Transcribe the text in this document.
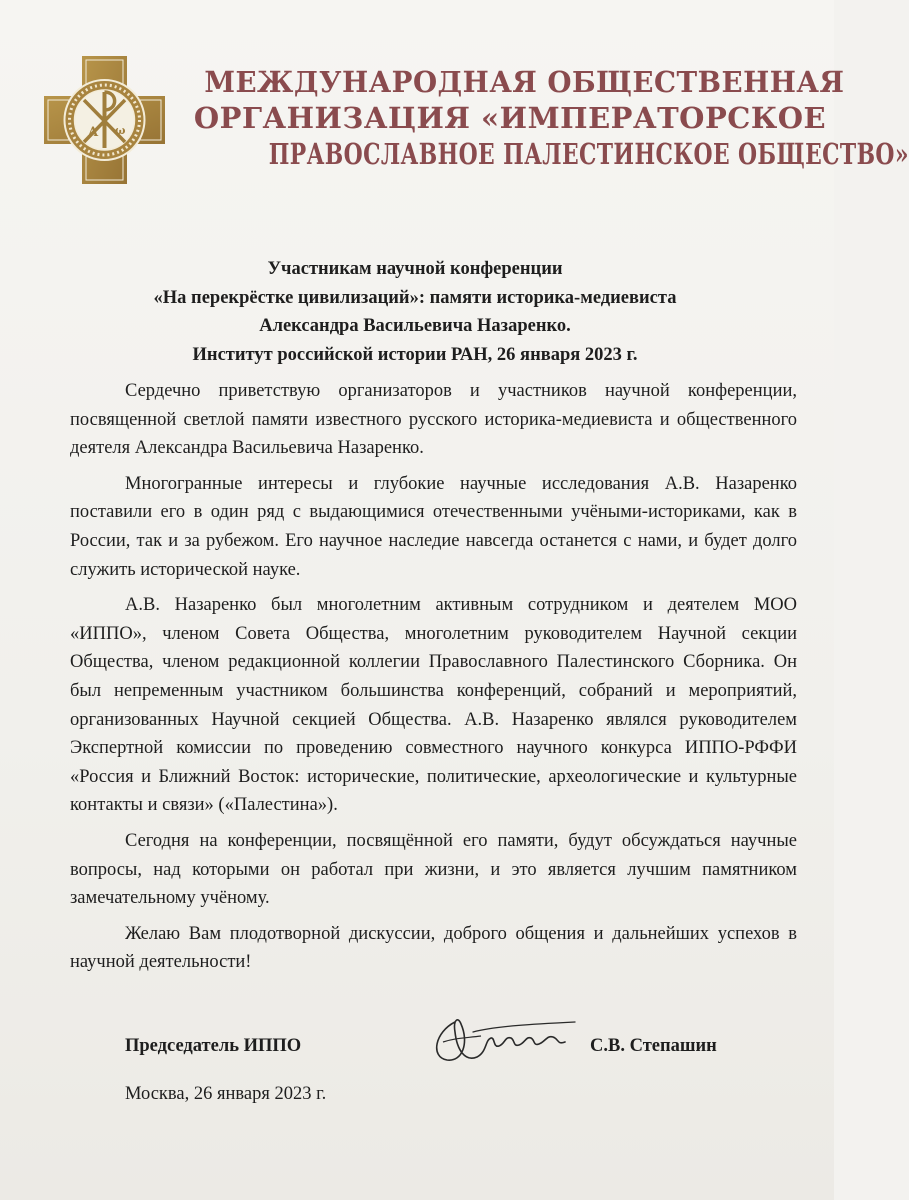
A ω
МЕЖДУНАРОДНАЯ ОБЩЕСТВЕННАЯ
ОРГАНИЗАЦИЯ «ИМПЕРАТОРСКОЕ
ПРАВОСЛАВНОЕ ПАЛЕСТИНСКОЕ ОБЩЕСТВО»
Участникам научной конференции
«На перекрёстке цивилизаций»: памяти историка-медиевиста
Александра Васильевича Назаренко.
Институт российской истории РАН, 26 января 2023 г.

Сердечно приветствую организаторов и участников научной конференции, посвященной светлой памяти известного русского историка-медиевиста и общественного деятеля Александра Васильевича Назаренко.

Многогранные интересы и глубокие научные исследования А.В. Назаренко поставили его в один ряд с выдающимися отечественными учёными-историками, как в России, так и за рубежом. Его научное наследие навсегда останется с нами, и будет долго служить исторической науке.

А.В. Назаренко был многолетним активным сотрудником и деятелем МОО «ИППО», членом Совета Общества, многолетним руководителем Научной секции Общества, членом редакционной коллегии Православного Палестинского Сборника. Он был непременным участником большинства конференций, собраний и мероприятий, организованных Научной секцией Общества. А.В. Назаренко являлся руководителем Экспертной комиссии по проведению совместного научного конкурса ИППО-РФФИ «Россия и Ближний Восток: исторические, политические, археологические и культурные контакты и связи» («Палестина»).

Сегодня на конференции, посвящённой его памяти, будут обсуждаться научные вопросы, над которыми он работал при жизни, и это является лучшим памятником замечательному учёному.

Желаю Вам плодотворной дискуссии, доброго общения и дальнейших успехов в научной деятельности!

Председатель ИППО	С.В. Степашин
Москва, 26 января 2023 г.
